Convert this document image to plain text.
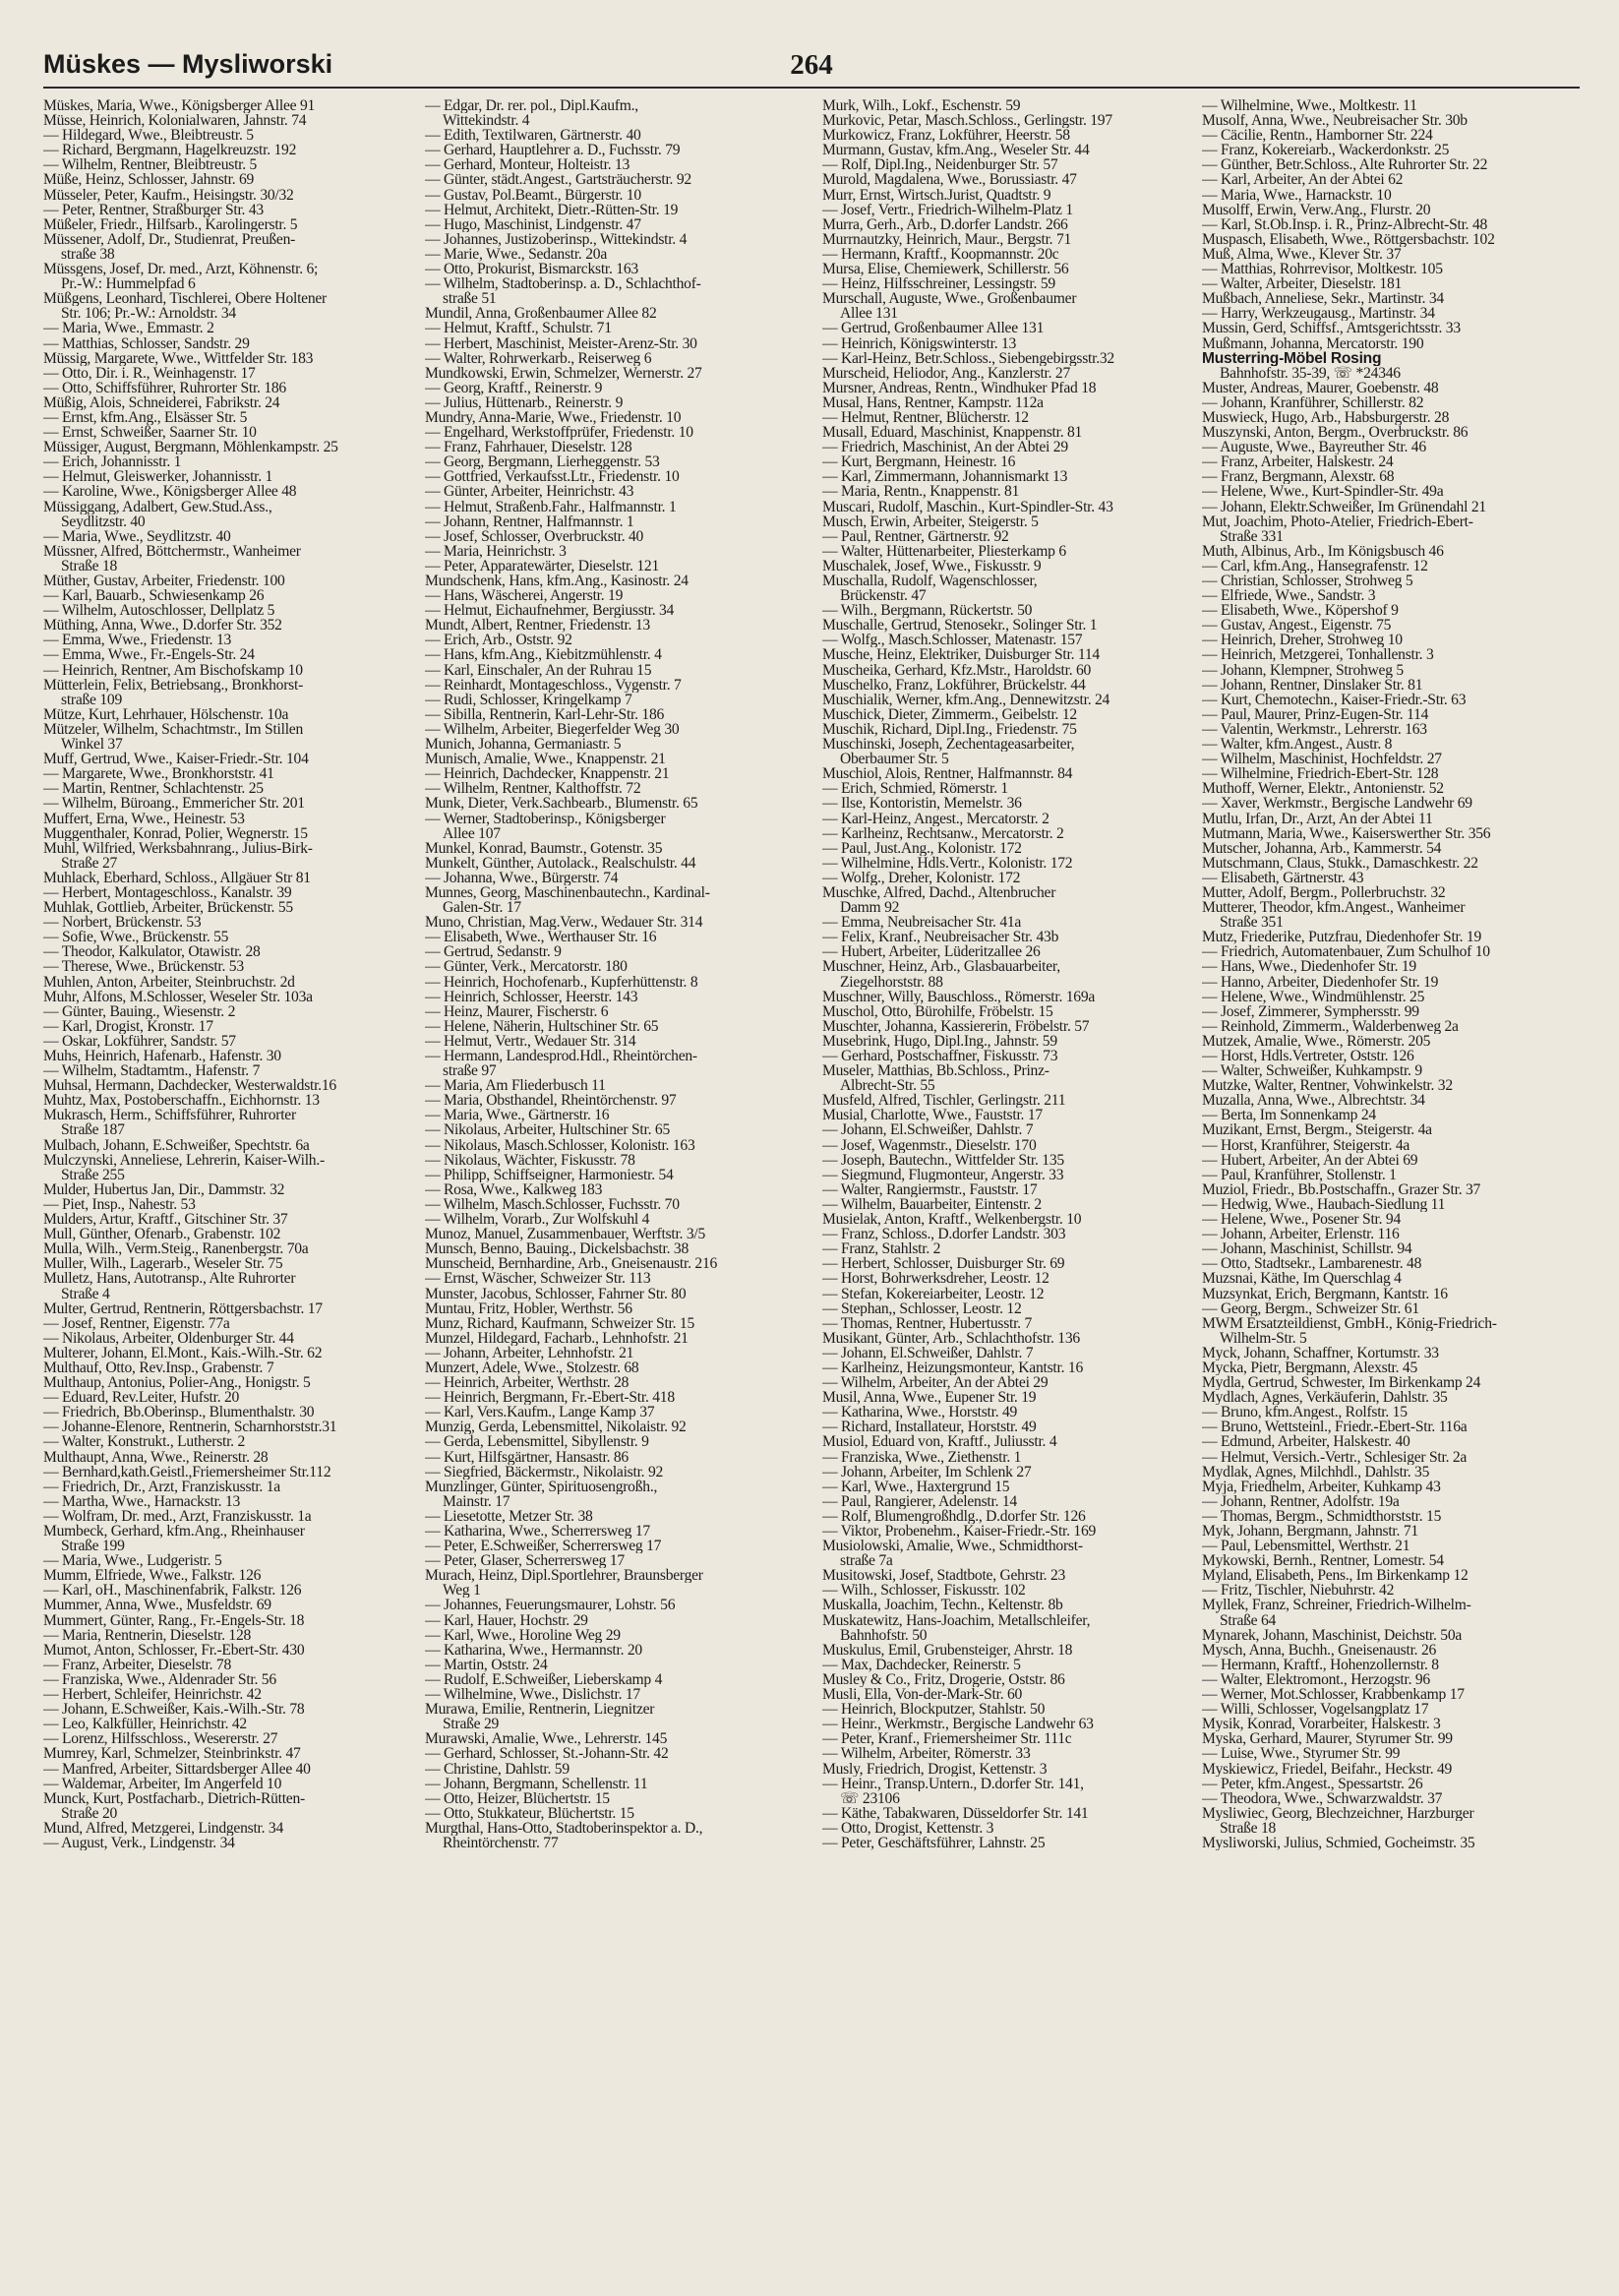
Müskes — Mysliworski	264
Müskes, Maria, Wwe., Königsberger Allee 91
Müsse, Heinrich, Kolonialwaren, Jahnstr. 74
— Hildegard, Wwe., Bleibtreustr. 5
— Richard, Bergmann, Hagelkreuzstr. 192
— Wilhelm, Rentner, Bleibtreustr. 5
Müße, Heinz, Schlosser, Jahnstr. 69
Müsseler, Peter, Kaufm., Heisingstr. 30/32
— Peter, Rentner, Straßburger Str. 43
Müßeler, Friedr., Hilfsarb., Karolingerstr. 5
Müssener, Adolf, Dr., Studienrat, Preußen-
straße 38
Müssgens, Josef, Dr. med., Arzt, Köhnenstr. 6;
Pr.-W.: Hummelpfad 6
Müßgens, Leonhard, Tischlerei, Obere Holtener
Str. 106; Pr.-W.: Arnoldstr. 34
— Maria, Wwe., Emmastr. 2
— Matthias, Schlosser, Sandstr. 29
Müssig, Margarete, Wwe., Wittfelder Str. 183
— Otto, Dir. i. R., Weinhagenstr. 17
— Otto, Schiffsführer, Ruhrorter Str. 186
Müßig, Alois, Schneiderei, Fabrikstr. 24
— Ernst, kfm.Ang., Elsässer Str. 5
— Ernst, Schweißer, Saarner Str. 10
Müssiger, August, Bergmann, Möhlenkampstr. 25
— Erich, Johannisstr. 1
— Helmut, Gleiswerker, Johannisstr. 1
— Karoline, Wwe., Königsberger Allee 48
Müssiggang, Adalbert, Gew.Stud.Ass.,
Seydlitzstr. 40
— Maria, Wwe., Seydlitzstr. 40
Müssner, Alfred, Böttchermstr., Wanheimer
Straße 18
Müther, Gustav, Arbeiter, Friedenstr. 100
— Karl, Bauarb., Schwiesenkamp 26
— Wilhelm, Autoschlosser, Dellplatz 5
Müthing, Anna, Wwe., D.dorfer Str. 352
— Emma, Wwe., Friedenstr. 13
— Emma, Wwe., Fr.-Engels-Str. 24
— Heinrich, Rentner, Am Bischofskamp 10
Mütterlein, Felix, Betriebsang., Bronkhorst-
straße 109
Mütze, Kurt, Lehrhauer, Hölschenstr. 10a
Mützeler, Wilhelm, Schachtmstr., Im Stillen
Winkel 37
Muff, Gertrud, Wwe., Kaiser-Friedr.-Str. 104
— Margarete, Wwe., Bronkhorststr. 41
— Martin, Rentner, Schlachtenstr. 25
— Wilhelm, Büroang., Emmericher Str. 201
Muffert, Erna, Wwe., Heinestr. 53
Muggenthaler, Konrad, Polier, Wegnerstr. 15
Muhl, Wilfried, Werksbahnrang., Julius-Birk-
Straße 27
Muhlack, Eberhard, Schloss., Allgäuer Str 81
— Herbert, Montageschloss., Kanalstr. 39
Muhlak, Gottlieb, Arbeiter, Brückenstr. 55
— Norbert, Brückenstr. 53
— Sofie, Wwe., Brückenstr. 55
— Theodor, Kalkulator, Otawistr. 28
— Therese, Wwe., Brückenstr. 53
Muhlen, Anton, Arbeiter, Steinbruchstr. 2d
Muhr, Alfons, M.Schlosser, Weseler Str. 103a
— Günter, Bauing., Wiesenstr. 2
— Karl, Drogist, Kronstr. 17
— Oskar, Lokführer, Sandstr. 57
Muhs, Heinrich, Hafenarb., Hafenstr. 30
— Wilhelm, Stadtamtm., Hafenstr. 7
Muhsal, Hermann, Dachdecker, Westerwaldstr.16
Muhtz, Max, Postoberschaffn., Eichhornstr. 13
Mukrasch, Herm., Schiffsführer, Ruhrorter
Straße 187
Mulbach, Johann, E.Schweißer, Spechtstr. 6a
Mulczynski, Anneliese, Lehrerin, Kaiser-Wilh.-
Straße 255
Mulder, Hubertus Jan, Dir., Dammstr. 32
— Piet, Insp., Nahestr. 53
Mulders, Artur, Kraftf., Gitschiner Str. 37
Mull, Günther, Ofenarb., Grabenstr. 102
Mulla, Wilh., Verm.Steig., Ranenbergstr. 70a
Muller, Wilh., Lagerarb., Weseler Str. 75
Mulletz, Hans, Autotransp., Alte Ruhrorter
Straße 4
Multer, Gertrud, Rentnerin, Röttgersbachstr. 17
— Josef, Rentner, Eigenstr. 77a
— Nikolaus, Arbeiter, Oldenburger Str. 44
Multerer, Johann, El.Mont., Kais.-Wilh.-Str. 62
Multhauf, Otto, Rev.Insp., Grabenstr. 7
Multhaup, Antonius, Polier-Ang., Honigstr. 5
— Eduard, Rev.Leiter, Hufstr. 20
— Friedrich, Bb.Oberinsp., Blumenthalstr. 30
— Johanne-Elenore, Rentnerin, Scharnhorststr.31
— Walter, Konstrukt., Lutherstr. 2
Multhaupt, Anna, Wwe., Reinerstr. 28
— Bernhard,kath.Geistl.,Friemersheimer Str.112
— Friedrich, Dr., Arzt, Franziskusstr. 1a
— Martha, Wwe., Harnackstr. 13
— Wolfram, Dr. med., Arzt, Franziskusstr. 1a
Mumbeck, Gerhard, kfm.Ang., Rheinhauser
Straße 199
— Maria, Wwe., Ludgeristr. 5
Mumm, Elfriede, Wwe., Falkstr. 126
— Karl, oH., Maschinenfabrik, Falkstr. 126
Mummer, Anna, Wwe., Musfeldstr. 69
Mummert, Günter, Rang., Fr.-Engels-Str. 18
— Maria, Rentnerin, Dieselstr. 128
Mumot, Anton, Schlosser, Fr.-Ebert-Str. 430
— Franz, Arbeiter, Dieselstr. 78
— Franziska, Wwe., Aldenrader Str. 56
— Herbert, Schleifer, Heinrichstr. 42
— Johann, E.Schweißer, Kais.-Wilh.-Str. 78
— Leo, Kalkfüller, Heinrichstr. 42
— Lorenz, Hilfsschloss., Wesererstr. 27
Mumrey, Karl, Schmelzer, Steinbrinkstr. 47
— Manfred, Arbeiter, Sittardsberger Allee 40
— Waldemar, Arbeiter, Im Angerfeld 10
Munck, Kurt, Postfacharb., Dietrich-Rütten-
Straße 20
Mund, Alfred, Metzgerei, Lindgenstr. 34
— August, Verk., Lindgenstr. 34
— Edgar, Dr. rer. pol., Dipl.Kaufm.,
Wittekindstr. 4
— Edith, Textilwaren, Gärtnerstr. 40
— Gerhard, Hauptlehrer a. D., Fuchsstr. 79
— Gerhard, Monteur, Holteistr. 13
— Günter, städt.Angest., Gartsträucherstr. 92
— Gustav, Pol.Beamt., Bürgerstr. 10
— Helmut, Architekt, Dietr.-Rütten-Str. 19
— Hugo, Maschinist, Lindgenstr. 47
— Johannes, Justizoberinsp., Wittekindstr. 4
— Marie, Wwe., Sedanstr. 20a
— Otto, Prokurist, Bismarckstr. 163
— Wilhelm, Stadtoberinsp. a. D., Schlachthof-
straße 51
Mundil, Anna, Großenbaumer Allee 82
— Helmut, Kraftf., Schulstr. 71
— Herbert, Maschinist, Meister-Arenz-Str. 30
— Walter, Rohrwerkarb., Reiserweg 6
Mundkowski, Erwin, Schmelzer, Wernerstr. 27
— Georg, Kraftf., Reinerstr. 9
— Julius, Hüttenarb., Reinerstr. 9
Mundry, Anna-Marie, Wwe., Friedenstr. 10
— Engelhard, Werkstoffprüfer, Friedenstr. 10
— Franz, Fahrhauer, Dieselstr. 128
— Georg, Bergmann, Lierheggenstr. 53
— Gottfried, Verkaufsst.Ltr., Friedenstr. 10
— Günter, Arbeiter, Heinrichstr. 43
— Helmut, Straßenb.Fahr., Halfmannstr. 1
— Johann, Rentner, Halfmannstr. 1
— Josef, Schlosser, Overbruckstr. 40
— Maria, Heinrichstr. 3
— Peter, Apparatewärter, Dieselstr. 121
Mundschenk, Hans, kfm.Ang., Kasinostr. 24
— Hans, Wäscherei, Angerstr. 19
— Helmut, Eichaufnehmer, Bergiusstr. 34
Mundt, Albert, Rentner, Friedenstr. 13
— Erich, Arb., Oststr. 92
— Hans, kfm.Ang., Kiebitzmühlenstr. 4
— Karl, Einschaler, An der Ruhrau 15
— Reinhardt, Montageschloss., Vygenstr. 7
— Rudi, Schlosser, Kringelkamp 7
— Sibilla, Rentnerin, Karl-Lehr-Str. 186
— Wilhelm, Arbeiter, Biegerfelder Weg 30
Munich, Johanna, Germaniastr. 5
Munisch, Amalie, Wwe., Knappenstr. 21
— Heinrich, Dachdecker, Knappenstr. 21
— Wilhelm, Rentner, Kalthoffstr. 72
Munk, Dieter, Verk.Sachbearb., Blumenstr. 65
— Werner, Stadtoberinsp., Königsberger
Allee 107
Munkel, Konrad, Baumstr., Gotenstr. 35
Munkelt, Günther, Autolack., Realschulstr. 44
— Johanna, Wwe., Bürgerstr. 74
Munnes, Georg, Maschinenbautechn., Kardinal-
Galen-Str. 17
Muno, Christian, Mag.Verw., Wedauer Str. 314
— Elisabeth, Wwe., Werthauser Str. 16
— Gertrud, Sedanstr. 9
— Günter, Verk., Mercatorstr. 180
— Heinrich, Hochofenarb., Kupferhüttenstr. 8
— Heinrich, Schlosser, Heerstr. 143
— Heinz, Maurer, Fischerstr. 6
— Helene, Näherin, Hultschiner Str. 65
— Helmut, Vertr., Wedauer Str. 314
— Hermann, Landesprod.Hdl., Rheintörchen-
straße 97
— Maria, Am Fliederbusch 11
— Maria, Obsthandel, Rheintörchenstr. 97
— Maria, Wwe., Gärtnerstr. 16
— Nikolaus, Arbeiter, Hultschiner Str. 65
— Nikolaus, Masch.Schlosser, Kolonistr. 163
— Nikolaus, Wächter, Fiskusstr. 78
— Philipp, Schiffseigner, Harmoniestr. 54
— Rosa, Wwe., Kalkweg 183
— Wilhelm, Masch.Schlosser, Fuchsstr. 70
— Wilhelm, Vorarb., Zur Wolfskuhl 4
Munoz, Manuel, Zusammenbauer, Werftstr. 3/5
Munsch, Benno, Bauing., Dickelsbachstr. 38
Munscheid, Bernhardine, Arb., Gneisenaustr. 216
— Ernst, Wäscher, Schweizer Str. 113
Munster, Jacobus, Schlosser, Fahrner Str. 80
Muntau, Fritz, Hobler, Werthstr. 56
Munz, Richard, Kaufmann, Schweizer Str. 15
Munzel, Hildegard, Facharb., Lehnhofstr. 21
— Johann, Arbeiter, Lehnhofstr. 21
Munzert, Adele, Wwe., Stolzestr. 68
— Heinrich, Arbeiter, Werthstr. 28
— Heinrich, Bergmann, Fr.-Ebert-Str. 418
— Karl, Vers.Kaufm., Lange Kamp 37
Munzig, Gerda, Lebensmittel, Nikolaistr. 92
— Gerda, Lebensmittel, Sibyllenstr. 9
— Kurt, Hilfsgärtner, Hansastr. 86
— Siegfried, Bäckermstr., Nikolaistr. 92
Munzlinger, Günter, Spirituosengroßh.,
Mainstr. 17
— Liesetotte, Metzer Str. 38
— Katharina, Wwe., Scherrersweg 17
— Peter, E.Schweißer, Scherrersweg 17
— Peter, Glaser, Scherrersweg 17
Murach, Heinz, Dipl.Sportlehrer, Braunsberger
Weg 1
— Johannes, Feuerungsmaurer, Lohstr. 56
— Karl, Hauer, Hochstr. 29
— Karl, Wwe., Horoline Weg 29
— Katharina, Wwe., Hermannstr. 20
— Martin, Oststr. 24
— Rudolf, E.Schweißer, Lieberskamp 4
— Wilhelmine, Wwe., Dislichstr. 17
Murawa, Emilie, Rentnerin, Liegnitzer
Straße 29
Murawski, Amalie, Wwe., Lehrerstr. 145
— Gerhard, Schlosser, St.-Johann-Str. 42
— Christine, Dahlstr. 59
— Johann, Bergmann, Schellenstr. 11
— Otto, Heizer, Blüchertstr. 15
— Otto, Stukkateur, Blüchertstr. 15
Murgthal, Hans-Otto, Stadtoberinspektor a. D.,
Rheintörchenstr. 77
Murk, Wilh., Lokf., Eschenstr. 59
Murkovic, Petar, Masch.Schloss., Gerlingstr. 197
Murkowicz, Franz, Lokführer, Heerstr. 58
Murmann, Gustav, kfm.Ang., Weseler Str. 44
— Rolf, Dipl.Ing., Neidenburger Str. 57
Murold, Magdalena, Wwe., Borussiastr. 47
Murr, Ernst, Wirtsch.Jurist, Quadtstr. 9
— Josef, Vertr., Friedrich-Wilhelm-Platz 1
Murra, Gerh., Arb., D.dorfer Landstr. 266
Murrnautzky, Heinrich, Maur., Bergstr. 71
— Hermann, Kraftf., Koopmannstr. 20c
Mursa, Elise, Chemiewerk, Schillerstr. 56
— Heinz, Hilfsschreiner, Lessingstr. 59
Murschall, Auguste, Wwe., Großenbaumer
Allee 131
— Gertrud, Großenbaumer Allee 131
— Heinrich, Königswinterstr. 13
— Karl-Heinz, Betr.Schloss., Siebengebirgsstr.32
Murscheid, Heliodor, Ang., Kanzlerstr. 27
Mursner, Andreas, Rentn., Windhuker Pfad 18
Musal, Hans, Rentner, Kampstr. 112a
— Helmut, Rentner, Blücherstr. 12
Musall, Eduard, Maschinist, Knappenstr. 81
— Friedrich, Maschinist, An der Abtei 29
— Kurt, Bergmann, Heinestr. 16
— Karl, Zimmermann, Johannismarkt 13
— Maria, Rentn., Knappenstr. 81
Muscari, Rudolf, Maschin., Kurt-Spindler-Str. 43
Musch, Erwin, Arbeiter, Steigerstr. 5
— Paul, Rentner, Gärtnerstr. 92
— Walter, Hüttenarbeiter, Pliesterkamp 6
Muschalek, Josef, Wwe., Fiskusstr. 9
Muschalla, Rudolf, Wagenschlosser,
Brückenstr. 47
— Wilh., Bergmann, Rückertstr. 50
Muschalle, Gertrud, Stenosekr., Solinger Str. 1
— Wolfg., Masch.Schlosser, Matenastr. 157
Musche, Heinz, Elektriker, Duisburger Str. 114
Muscheika, Gerhard, Kfz.Mstr., Haroldstr. 60
Muschelko, Franz, Lokführer, Brückelstr. 44
Muschialik, Werner, kfm.Ang., Dennewitzstr. 24
Muschick, Dieter, Zimmerm., Geibelstr. 12
Muschik, Richard, Dipl.Ing., Friedenstr. 75
Muschinski, Joseph, Zechentageasarbeiter,
Oberbaumer Str. 5
Muschiol, Alois, Rentner, Halfmannstr. 84
— Erich, Schmied, Römerstr. 1
— Ilse, Kontoristin, Memelstr. 36
— Karl-Heinz, Angest., Mercatorstr. 2
— Karlheinz, Rechtsanw., Mercatorstr. 2
— Paul, Just.Ang., Kolonistr. 172
— Wilhelmine, Hdls.Vertr., Kolonistr. 172
— Wolfg., Dreher, Kolonistr. 172
Muschke, Alfred, Dachd., Altenbrucher
Damm 92
— Emma, Neubreisacher Str. 41a
— Felix, Kranf., Neubreisacher Str. 43b
— Hubert, Arbeiter, Lüderitzallee 26
Muschner, Heinz, Arb., Glasbauarbeiter,
Ziegelhorststr. 88
Muschner, Willy, Bauschloss., Römerstr. 169a
Muschol, Otto, Bürohilfe, Fröbelstr. 15
Muschter, Johanna, Kassiererin, Fröbelstr. 57
Musebrink, Hugo, Dipl.Ing., Jahnstr. 59
— Gerhard, Postschaffner, Fiskusstr. 73
Museler, Matthias, Bb.Schloss., Prinz-
Albrecht-Str. 55
Musfeld, Alfred, Tischler, Gerlingstr. 211
Musial, Charlotte, Wwe., Fauststr. 17
— Johann, El.Schweißer, Dahlstr. 7
— Josef, Wagenmstr., Dieselstr. 170
— Joseph, Bautechn., Wittfelder Str. 135
— Siegmund, Flugmonteur, Angerstr. 33
— Walter, Rangiermstr., Fauststr. 17
— Wilhelm, Bauarbeiter, Eintenstr. 2
Musielak, Anton, Kraftf., Welkenbergstr. 10
— Franz, Schloss., D.dorfer Landstr. 303
— Franz, Stahlstr. 2
— Herbert, Schlosser, Duisburger Str. 69
— Horst, Bohrwerksdreher, Leostr. 12
— Stefan, Kokereiarbeiter, Leostr. 12
— Stephan,, Schlosser, Leostr. 12
— Thomas, Rentner, Hubertusstr. 7
Musikant, Günter, Arb., Schlachthofstr. 136
— Johann, El.Schweißer, Dahlstr. 7
— Karlheinz, Heizungsmonteur, Kantstr. 16
— Wilhelm, Arbeiter, An der Abtei 29
Musil, Anna, Wwe., Eupener Str. 19
— Katharina, Wwe., Horststr. 49
— Richard, Installateur, Horststr. 49
Musiol, Eduard von, Kraftf., Juliusstr. 4
— Franziska, Wwe., Ziethenstr. 1
— Johann, Arbeiter, Im Schlenk 27
— Karl, Wwe., Haxtergrund 15
— Paul, Rangierer, Adelenstr. 14
— Rolf, Blumengroßhdlg., D.dorfer Str. 126
— Viktor, Probenehm., Kaiser-Friedr.-Str. 169
Musiolowski, Amalie, Wwe., Schmidthorst-
straße 7a
Musitowski, Josef, Stadtbote, Gehrstr. 23
— Wilh., Schlosser, Fiskusstr. 102
Muskalla, Joachim, Techn., Keltenstr. 8b
Muskatewitz, Hans-Joachim, Metallschleifer,
Bahnhofstr. 50
Muskulus, Emil, Grubensteiger, Ahrstr. 18
— Max, Dachdecker, Reinerstr. 5
Musley & Co., Fritz, Drogerie, Oststr. 86
Musli, Ella, Von-der-Mark-Str. 60
— Heinrich, Blockputzer, Stahlstr. 50
— Heinr., Werkmstr., Bergische Landwehr 63
— Peter, Kranf., Friemersheimer Str. 111c
— Wilhelm, Arbeiter, Römerstr. 33
Musly, Friedrich, Drogist, Kettenstr. 3
— Heinr., Transp.Untern., D.dorfer Str. 141,
☏ 23106
— Käthe, Tabakwaren, Düsseldorfer Str. 141
— Otto, Drogist, Kettenstr. 3
— Peter, Geschäftsführer, Lahnstr. 25
— Wilhelmine, Wwe., Moltkestr. 11
Musolf, Anna, Wwe., Neubreisacher Str. 30b
— Cäcilie, Rentn., Hamborner Str. 224
— Franz, Kokereiarb., Wackerdonkstr. 25
— Günther, Betr.Schloss., Alte Ruhrorter Str. 22
— Karl, Arbeiter, An der Abtei 62
— Maria, Wwe., Harnackstr. 10
Musolff, Erwin, Verw.Ang., Flurstr. 20
— Karl, St.Ob.Insp. i. R., Prinz-Albrecht-Str. 48
Muspasch, Elisabeth, Wwe., Röttgersbachstr. 102
Muß, Alma, Wwe., Klever Str. 37
— Matthias, Rohrrevisor, Moltkestr. 105
— Walter, Arbeiter, Dieselstr. 181
Mußbach, Anneliese, Sekr., Martinstr. 34
— Harry, Werkzeugausg., Martinstr. 34
Mussin, Gerd, Schiffsf., Amtsgerichtsstr. 33
Mußmann, Johanna, Mercatorstr. 190
Musterring-Möbel Rosing
Bahnhofstr. 35-39, ☏ *24346
Muster, Andreas, Maurer, Goebenstr. 48
— Johann, Kranführer, Schillerstr. 82
Muswieck, Hugo, Arb., Habsburgerstr. 28
Muszynski, Anton, Bergm., Overbruckstr. 86
— Auguste, Wwe., Bayreuther Str. 46
— Franz, Arbeiter, Halskestr. 24
— Franz, Bergmann, Alexstr. 68
— Helene, Wwe., Kurt-Spindler-Str. 49a
— Johann, Elektr.Schweißer, Im Grünendahl 21
Mut, Joachim, Photo-Atelier, Friedrich-Ebert-
Straße 331
Muth, Albinus, Arb., Im Königsbusch 46
— Carl, kfm.Ang., Hansegrafenstr. 12
— Christian, Schlosser, Strohweg 5
— Elfriede, Wwe., Sandstr. 3
— Elisabeth, Wwe., Köpershof 9
— Gustav, Angest., Eigenstr. 75
— Heinrich, Dreher, Strohweg 10
— Heinrich, Metzgerei, Tonhallenstr. 3
— Johann, Klempner, Strohweg 5
— Johann, Rentner, Dinslaker Str. 81
— Kurt, Chemotechn., Kaiser-Friedr.-Str. 63
— Paul, Maurer, Prinz-Eugen-Str. 114
— Valentin, Werkmstr., Lehrerstr. 163
— Walter, kfm.Angest., Austr. 8
— Wilhelm, Maschinist, Hochfeldstr. 27
— Wilhelmine, Friedrich-Ebert-Str. 128
Muthoff, Werner, Elektr., Antonienstr. 52
— Xaver, Werkmstr., Bergische Landwehr 69
Mutlu, Irfan, Dr., Arzt, An der Abtei 11
Mutmann, Maria, Wwe., Kaiserswerther Str. 356
Mutscher, Johanna, Arb., Kammerstr. 54
Mutschmann, Claus, Stukk., Damaschkestr. 22
— Elisabeth, Gärtnerstr. 43
Mutter, Adolf, Bergm., Pollerbruchstr. 32
Mutterer, Theodor, kfm.Angest., Wanheimer
Straße 351
Mutz, Friederike, Putzfrau, Diedenhofer Str. 19
— Friedrich, Automatenbauer, Zum Schulhof 10
— Hans, Wwe., Diedenhofer Str. 19
— Hanno, Arbeiter, Diedenhofer Str. 19
— Helene, Wwe., Windmühlenstr. 25
— Josef, Zimmerer, Symphersstr. 99
— Reinhold, Zimmerm., Walderbenweg 2a
Mutzek, Amalie, Wwe., Römerstr. 205
— Horst, Hdls.Vertreter, Oststr. 126
— Walter, Schweißer, Kuhkampstr. 9
Mutzke, Walter, Rentner, Vohwinkelstr. 32
Muzalla, Anna, Wwe., Albrechtstr. 34
— Berta, Im Sonnenkamp 24
Muzikant, Ernst, Bergm., Steigerstr. 4a
— Horst, Kranführer, Steigerstr. 4a
— Hubert, Arbeiter, An der Abtei 69
— Paul, Kranführer, Stollenstr. 1
Muziol, Friedr., Bb.Postschaffn., Grazer Str. 37
— Hedwig, Wwe., Haubach-Siedlung 11
— Helene, Wwe., Posener Str. 94
— Johann, Arbeiter, Erlenstr. 116
— Johann, Maschinist, Schillstr. 94
— Otto, Stadtsekr., Lambarenestr. 48
Muzsnai, Käthe, Im Querschlag 4
Muzsynkat, Erich, Bergmann, Kantstr. 16
— Georg, Bergm., Schweizer Str. 61
MWM Ersatzteildienst, GmbH., König-Friedrich-
Wilhelm-Str. 5
Myck, Johann, Schaffner, Kortumstr. 33
Mycka, Pietr, Bergmann, Alexstr. 45
Mydla, Gertrud, Schwester, Im Birkenkamp 24
Mydlach, Agnes, Verkäuferin, Dahlstr. 35
— Bruno, kfm.Angest., Rolfstr. 15
— Bruno, Wettsteinl., Friedr.-Ebert-Str. 116a
— Edmund, Arbeiter, Halskestr. 40
— Helmut, Versich.-Vertr., Schlesiger Str. 2a
Mydlak, Agnes, Milchhdl., Dahlstr. 35
Myja, Friedhelm, Arbeiter, Kuhkamp 43
— Johann, Rentner, Adolfstr. 19a
— Thomas, Bergm., Schmidthorststr. 15
Myk, Johann, Bergmann, Jahnstr. 71
— Paul, Lebensmittel, Werthstr. 21
Mykowski, Bernh., Rentner, Lomestr. 54
Myland, Elisabeth, Pens., Im Birkenkamp 12
— Fritz, Tischler, Niebuhrstr. 42
Myllek, Franz, Schreiner, Friedrich-Wilhelm-
Straße 64
Mynarek, Johann, Maschinist, Deichstr. 50a
Mysch, Anna, Buchh., Gneisenaustr. 26
— Hermann, Kraftf., Hohenzollernstr. 8
— Walter, Elektromont., Herzogstr. 96
— Werner, Mot.Schlosser, Krabbenkamp 17
— Willi, Schlosser, Vogelsangplatz 17
Mysik, Konrad, Vorarbeiter, Halskestr. 3
Myska, Gerhard, Maurer, Styrumer Str. 99
— Luise, Wwe., Styrumer Str. 99
Myskiewicz, Friedel, Beifahr., Heckstr. 49
— Peter, kfm.Angest., Spessartstr. 26
— Theodora, Wwe., Schwarzwaldstr. 37
Mysliwiec, Georg, Blechzeichner, Harzburger
Straße 18
Mysliworski, Julius, Schmied, Gocheimstr. 35
